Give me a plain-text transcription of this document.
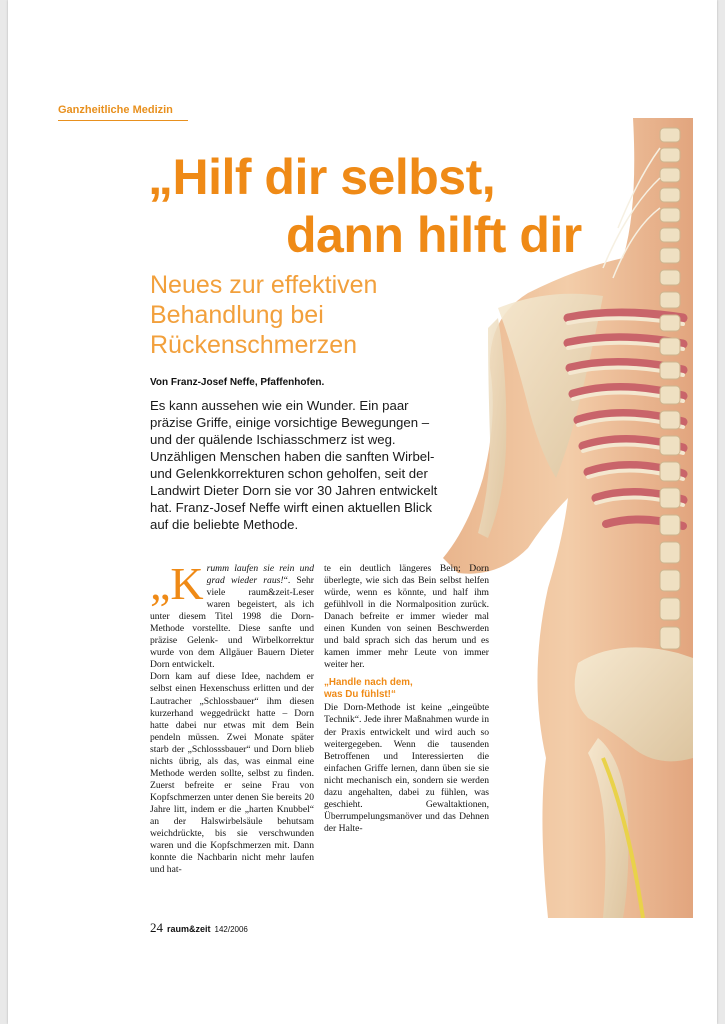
Ganzheitliche Medizin
„Hilf dir selbst,
dann hilft dir
Neues zur effektiven
Behandlung bei
Rückenschmerzen
Von Franz-Josef Neffe, Pfaffenhofen.
Es kann aussehen wie ein Wunder. Ein paar präzise Griffe, einige vorsichtige Bewegungen – und der quälende Ischiasschmerz ist weg. Unzähligen Menschen haben die sanften Wirbel- und Gelenkkorrekturen schon geholfen, seit der Landwirt Dieter Dorn sie vor 30 Jahren entwickelt hat. Franz-Josef Neffe wirft einen aktuellen Blick auf die beliebte Methode.

„K rumm laufen sie rein und grad wieder raus!“. Sehr viele raum&zeit-Leser waren begeistert, als ich unter diesem Titel 1998 die Dorn-Methode vorstellte. Diese sanfte und präzise Gelenk- und Wirbelkorrektur wurde von dem Allgäuer Bauern Dieter Dorn entwickelt.

Dorn kam auf diese Idee, nachdem er selbst einen Hexenschuss erlitten und der Lautracher „Schlossbauer“ ihm diesen kurzerhand weggedrückt hatte – Dorn hatte dabei nur etwas mit dem Bein pendeln müssen. Zwei Monate später starb der „Schlosssbauer“ und Dorn blieb nichts übrig, als das, was einmal eine Methode werden sollte, selbst zu finden. Zuerst befreite er seine Frau von Kopfschmerzen unter denen Sie bereits 20 Jahre litt, indem er die „harten Knubbel“ an der Halswirbelsäule behutsam weichdrückte, bis sie verschwunden waren und die Kopfschmerzen mit. Dann konnte die Nachbarin nicht mehr laufen und hat-

te ein deutlich längeres Bein; Dorn überlegte, wie sich das Bein selbst helfen würde, wenn es könnte, und half ihm gefühlvoll in die Normalposition zurück. Danach befreite er immer wieder mal einen Kunden von seinen Beschwerden und bald sprach sich das herum und es kamen immer mehr Leute von immer weiter her.

„Handle nach dem,
was Du fühlst!“

Die Dorn-Methode ist keine „eingeübte Technik“. Jede ihrer Maßnahmen wurde in der Praxis entwickelt und wird auch so weitergegeben. Wenn die tausenden Betroffenen und Interessierten die einfachen Griffe lernen, dann üben sie sie nicht mechanisch ein, sondern sie werden dazu angehalten, dabei zu fühlen, was geschieht. Gewaltaktionen, Überrumpelungsmanöver und das Dehnen der Halte-

24 raum&zeit 142/2006
